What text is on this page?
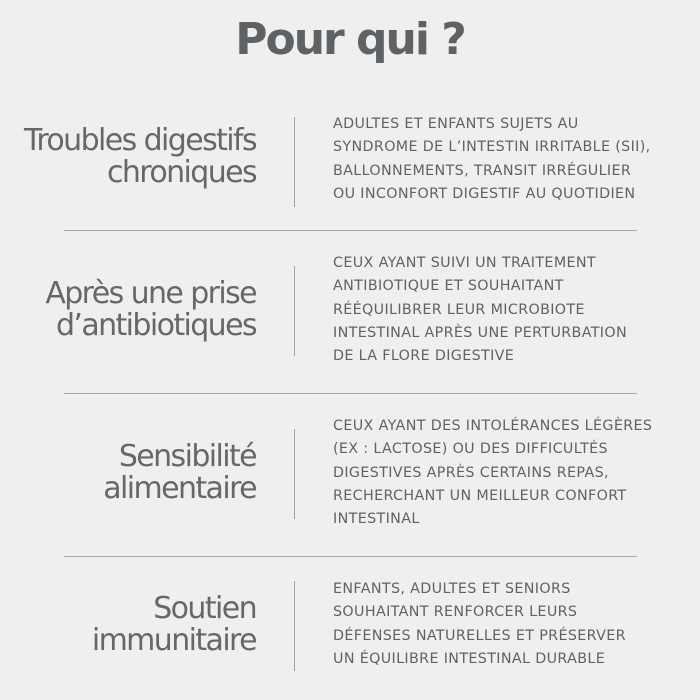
Pour qui ?
Troubles digestifs
chroniques
ADULTES ET ENFANTS SUJETS AU
SYNDROME DE L’INTESTIN IRRITABLE (SII),
BALLONNEMENTS, TRANSIT IRRÉGULIER
OU INCONFORT DIGESTIF AU QUOTIDIEN
Après une prise
d’antibiotiques
CEUX AYANT SUIVI UN TRAITEMENT
ANTIBIOTIQUE ET SOUHAITANT
RÉÉQUILIBRER LEUR MICROBIOTE
INTESTINAL APRÈS UNE PERTURBATION
DE LA FLORE DIGESTIVE
Sensibilité
alimentaire
CEUX AYANT DES INTOLÉRANCES LÉGÈRES
(EX : LACTOSE) OU DES DIFFICULTÉS
DIGESTIVES APRÈS CERTAINS REPAS,
RECHERCHANT UN MEILLEUR CONFORT
INTESTINAL
Soutien
immunitaire
ENFANTS, ADULTES ET SENIORS
SOUHAITANT RENFORCER LEURS
DÉFENSES NATURELLES ET PRÉSERVER
UN ÉQUILIBRE INTESTINAL DURABLE
